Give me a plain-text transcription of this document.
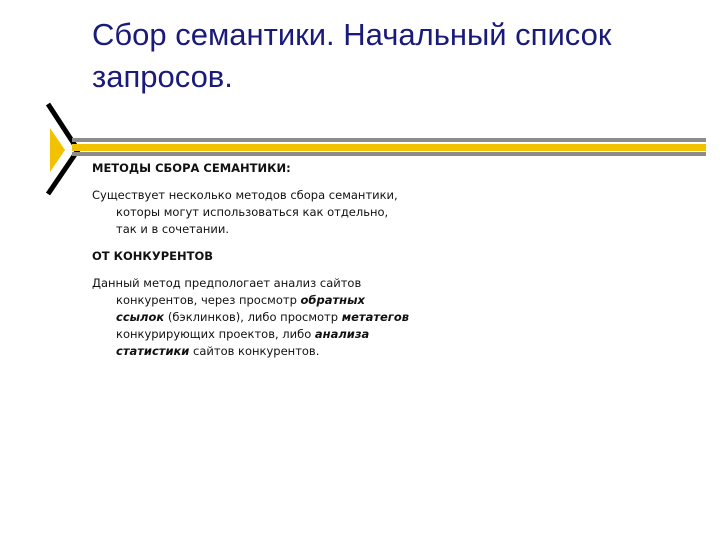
Сбор семантики. Начальный список запросов.

МЕТОДЫ СБОРА СЕМАНТИКИ:

Существует несколько методов сбора семантики, которы могут использоваться как отдельно, так и в сочетании.

ОТ КОНКУРЕНТОВ

Данный метод предпологает анализ сайтов конкурентов, через просмотр обратных ссылок (бэклинков), либо просмотр метатегов конкурирующих проектов, либо анализа статистики сайтов конкурентов.
